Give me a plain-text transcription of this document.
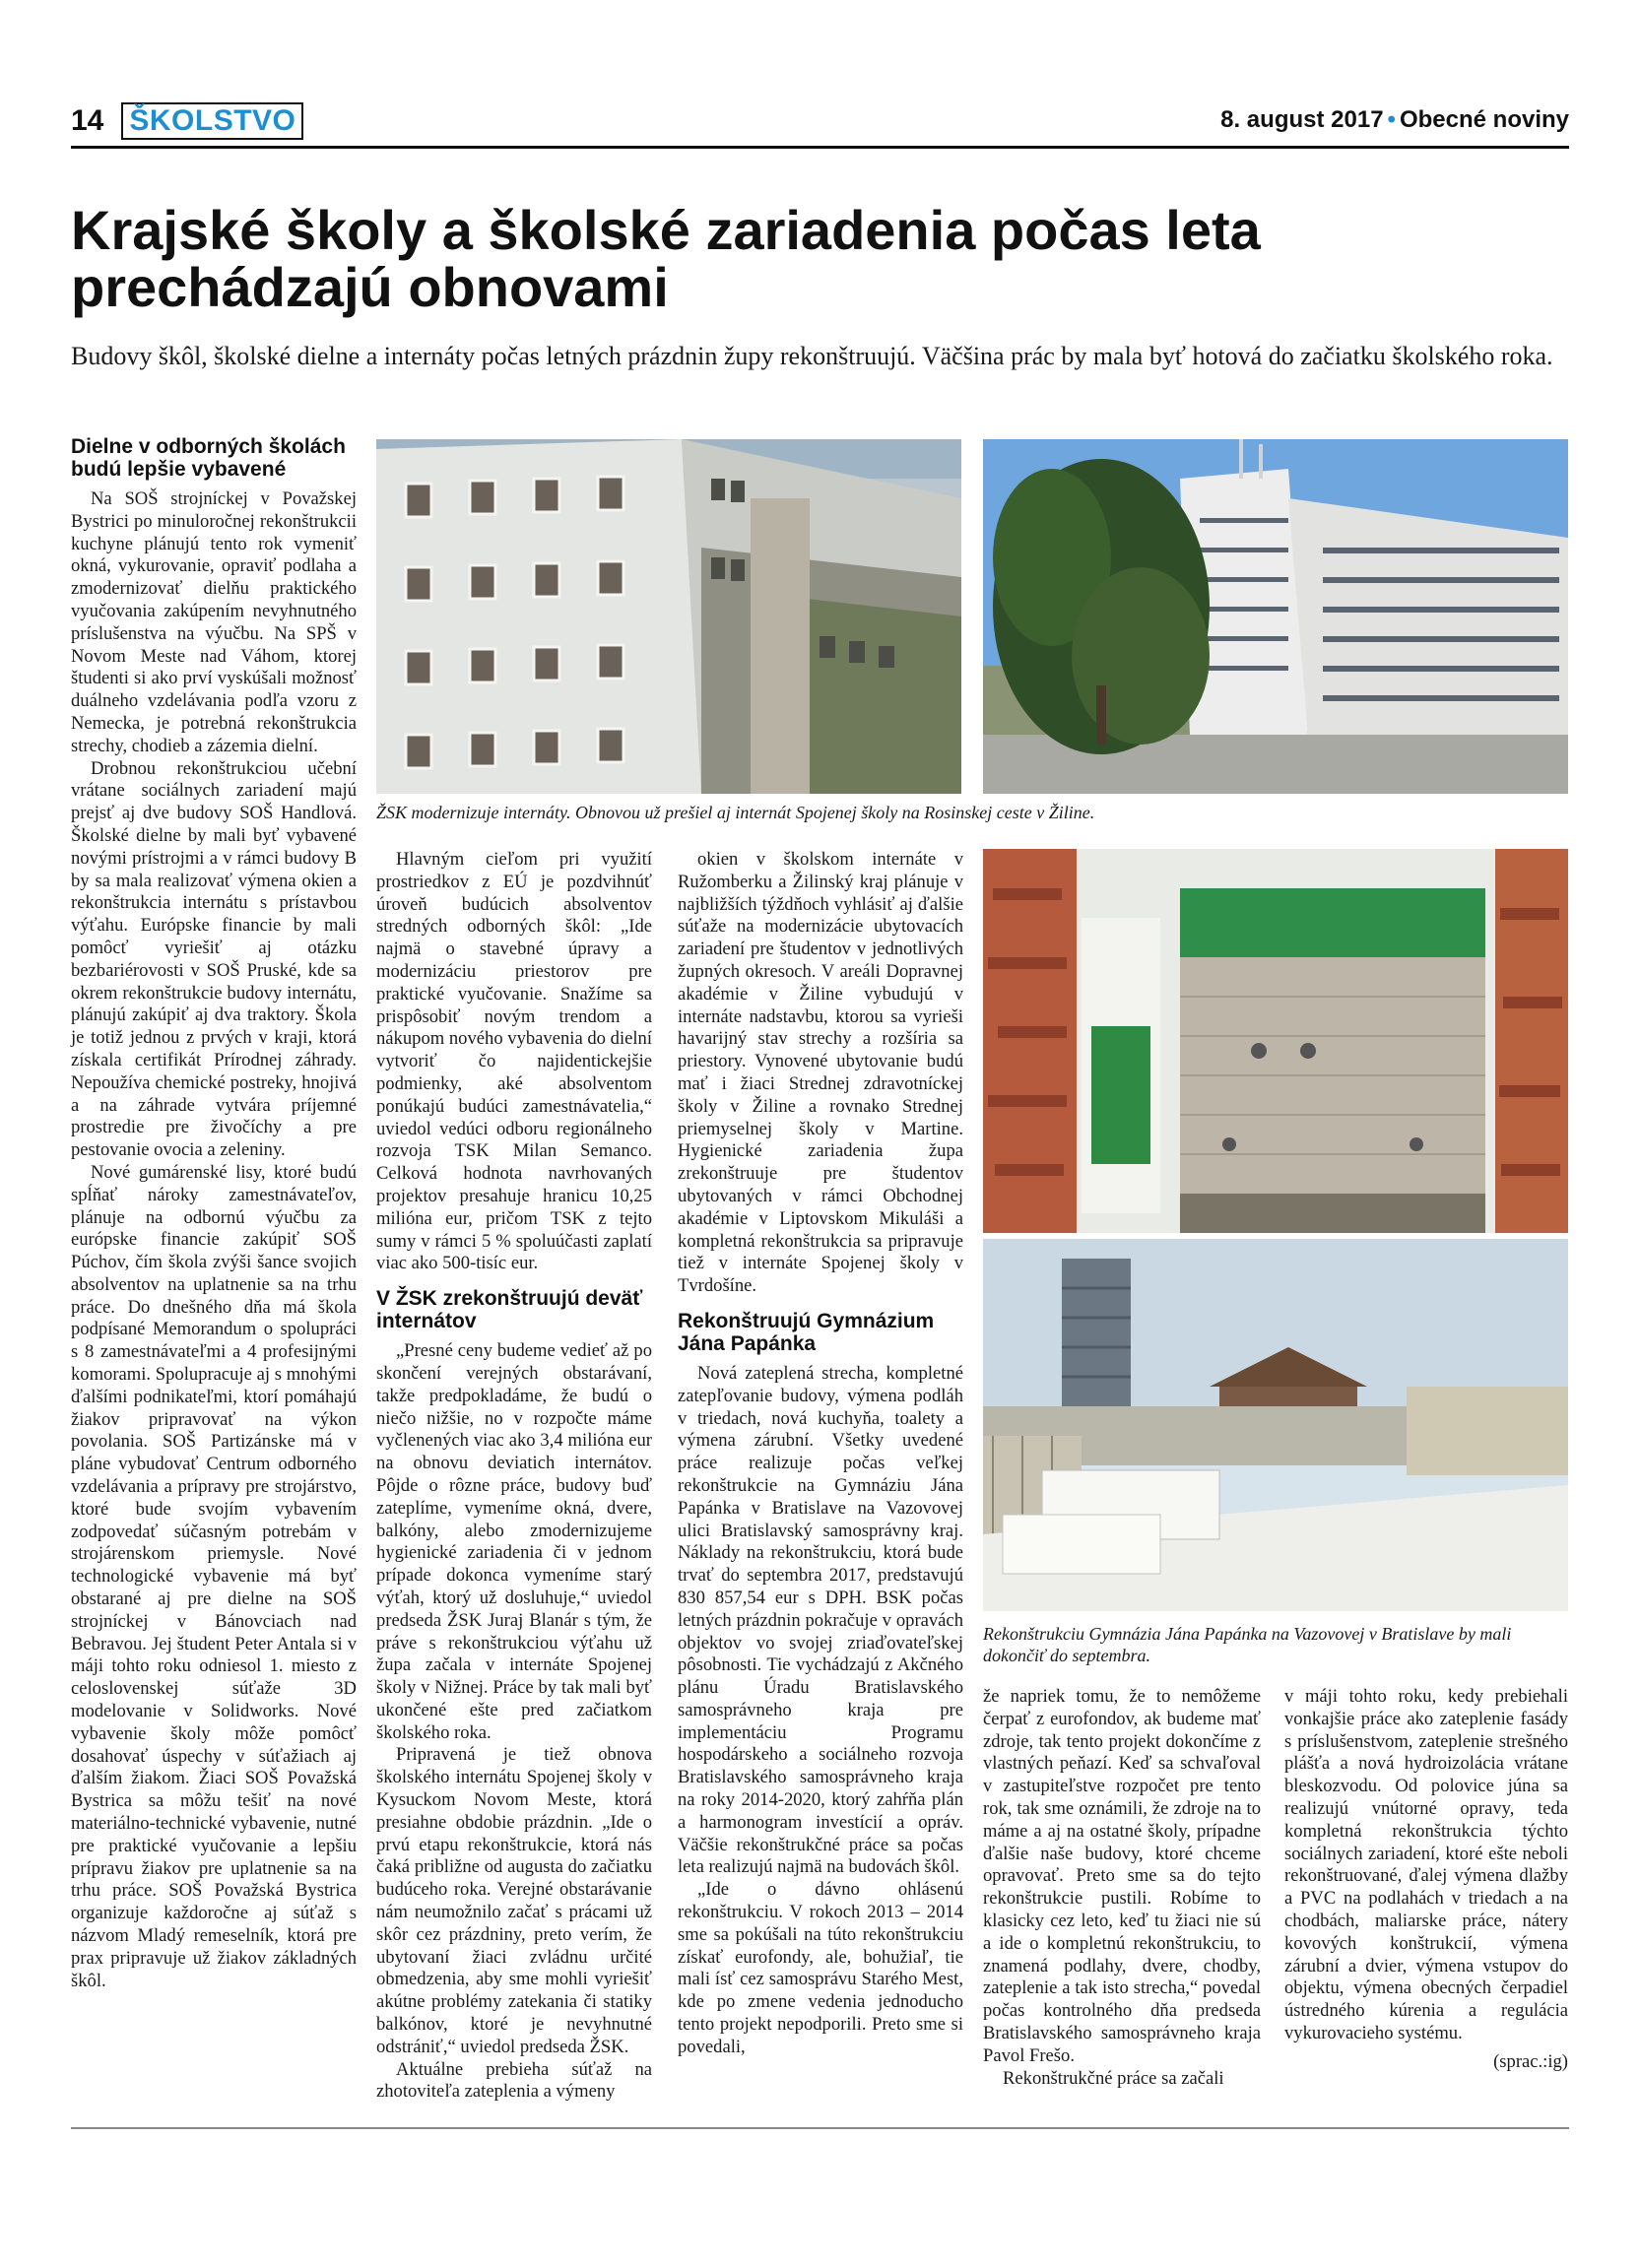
14 ŠKOLSTVO	8. august 2017 • Obecné noviny
Krajské školy a školské zariadenia počas leta prechádzajú obnovami

Budovy škôl, školské dielne a internáty počas letných prázdnin župy rekonštruujú. Väčšina prác by mala byť hotová do začiatku školského roka.

ŽSK modernizuje internáty. Obnovou už prešiel aj internát Spojenej školy na Rosinskej ceste v Žiline.

Rekonštrukciu Gymnázia Jána Papánka na Vazovovej v Bratislave by mali dokončiť do septembra.

Dielne v odborných školách budú lepšie vybavené

Na SOŠ strojníckej v Považskej Bystrici po minuloročnej rekonštrukcii kuchyne plánujú tento rok vymeniť okná, vykurovanie, opraviť podlaha a zmodernizovať dielňu praktického vyučovania zakúpením nevyhnutného príslušenstva na výučbu. Na SPŠ v Novom Meste nad Váhom, ktorej študenti si ako prví vyskúšali možnosť duálneho vzdelávania podľa vzoru z Nemecka, je potrebná rekonštrukcia strechy, chodieb a zázemia dielní.

Drobnou rekonštrukciou učební vrátane sociálnych zariadení majú prejsť aj dve budovy SOŠ Handlová. Školské dielne by mali byť vybavené novými prístrojmi a v rámci budovy B by sa mala realizovať výmena okien a rekonštrukcia internátu s prístavbou výťahu. Európske financie by mali pomôcť vyriešiť aj otázku bezbariérovosti v SOŠ Pruské, kde sa okrem rekonštrukcie budovy internátu, plánujú zakúpiť aj dva traktory. Škola je totiž jednou z prvých v kraji, ktorá získala certifikát Prírodnej záhrady. Nepoužíva chemické postreky, hnojivá a na záhrade vytvára príjemné prostredie pre živočíchy a pre pestovanie ovocia a zeleniny.

Nové gumárenské lisy, ktoré budú spĺňať nároky zamestnávateľov, plánuje na odbornú výučbu za európske financie zakúpiť SOŠ Púchov, čím škola zvýši šance svojich absolventov na uplatnenie sa na trhu práce. Do dnešného dňa má škola podpísané Memorandum o spolupráci s 8 zamestnávateľmi a 4 profesijnými komorami. Spolupracuje aj s mnohými ďalšími podnikateľmi, ktorí pomáhajú žiakov pripravovať na výkon povolania. SOŠ Partizánske má v pláne vybudovať Centrum odborného vzdelávania a prípravy pre strojárstvo, ktoré bude svojím vybavením zodpovedať súčasným potrebám v strojárenskom priemysle. Nové technologické vybavenie má byť obstarané aj pre dielne na SOŠ strojníckej v Bánovciach nad Bebravou. Jej študent Peter Antala si v máji tohto roku odniesol 1. miesto z celoslovenskej súťaže 3D modelovanie v Solidworks. Nové vybavenie školy môže pomôcť dosahovať úspechy v súťažiach aj ďalším žiakom. Žiaci SOŠ Považská Bystrica sa môžu tešiť na nové materiálno-technické vybavenie, nutné pre praktické vyučovanie a lepšiu prípravu žiakov pre uplatnenie sa na trhu práce. SOŠ Považská Bystrica organizuje každoročne aj súťaž s názvom Mladý remeselník, ktorá pre prax pripravuje už žiakov základných škôl.

Hlavným cieľom pri využití prostriedkov z EÚ je pozdvihnúť úroveň budúcich absolventov stredných odborných škôl: „Ide najmä o stavebné úpravy a modernizáciu priestorov pre praktické vyučovanie. Snažíme sa prispôsobiť novým trendom a nákupom nového vybavenia do dielní vytvoriť čo najidentickejšie podmienky, aké absolventom ponúkajú budúci zamestnávatelia,“ uviedol vedúci odboru regionálneho rozvoja TSK Milan Semanco. Celková hodnota navrhovaných projektov presahuje hranicu 10,25 milióna eur, pričom TSK z tejto sumy v rámci 5 % spoluúčasti zaplatí viac ako 500-tisíc eur.

V ŽSK zrekonštruujú deväť internátov

„Presné ceny budeme vedieť až po skončení verejných obstarávaní, takže predpokladáme, že budú o niečo nižšie, no v rozpočte máme vyčlenených viac ako 3,4 milióna eur na obnovu deviatich internátov. Pôjde o rôzne práce, budovy buď zateplíme, vymeníme okná, dvere, balkóny, alebo zmodernizujeme hygienické zariadenia či v jednom prípade dokonca vymeníme starý výťah, ktorý už dosluhuje,“ uviedol predseda ŽSK Juraj Blanár s tým, že práve s rekonštrukciou výťahu už župa začala v internáte Spojenej školy v Nižnej. Práce by tak mali byť ukončené ešte pred začiatkom školského roka.

Pripravená je tiež obnova školského internátu Spojenej školy v Kysuckom Novom Meste, ktorá presiahne obdobie prázdnin. „Ide o prvú etapu rekonštrukcie, ktorá nás čaká približne od augusta do začiatku budúceho roka. Verejné obstarávanie nám neumožnilo začať s prácami už skôr cez prázdniny, preto verím, že ubytovaní žiaci zvládnu určité obmedzenia, aby sme mohli vyriešiť akútne problémy zatekania či statiky balkónov, ktoré je nevyhnutné odstrániť,“ uviedol predseda ŽSK.

Aktuálne prebieha súťaž na zhotoviteľa zateplenia a výmeny

okien v školskom internáte v Ružomberku a Žilinský kraj plánuje v najbližších týždňoch vyhlásiť aj ďalšie súťaže na modernizácie ubytovacích zariadení pre študentov v jednotlivých župných okresoch. V areáli Dopravnej akadémie v Žiline vybudujú v internáte nadstavbu, ktorou sa vyrieši havarijný stav strechy a rozšíria sa priestory. Vynovené ubytovanie budú mať i žiaci Strednej zdravotníckej školy v Žiline a rovnako Strednej priemyselnej školy v Martine. Hygienické zariadenia župa zrekonštruuje pre študentov ubytovaných v rámci Obchodnej akadémie v Liptovskom Mikuláši a kompletná rekonštrukcia sa pripravuje tiež v internáte Spojenej školy v Tvrdošíne.

Rekonštruujú Gymnázium Jána Papánka

Nová zateplená strecha, kompletné zatepľovanie budovy, výmena podláh v triedach, nová kuchyňa, toalety a výmena zárubní. Všetky uvedené práce realizuje počas veľkej rekonštrukcie na Gymnáziu Jána Papánka v Bratislave na Vazovovej ulici Bratislavský samosprávny kraj. Náklady na rekonštrukciu, ktorá bude trvať do septembra 2017, predstavujú 830 857,54 eur s DPH. BSK počas letných prázdnin pokračuje v opravách objektov vo svojej zriaďovateľskej pôsobnosti. Tie vychádzajú z Akčného plánu Úradu Bratislavského samosprávneho kraja pre implementáciu Programu hospodárskeho a sociálneho rozvoja Bratislavského samosprávneho kraja na roky 2014-2020, ktorý zahŕňa plán a harmonogram investícií a opráv. Väčšie rekonštrukčné práce sa počas leta realizujú najmä na budovách škôl.

„Ide o dávno ohlásenú rekonštrukciu. V rokoch 2013 – 2014 sme sa pokúšali na túto rekonštrukciu získať eurofondy, ale, bohužiaľ, tie mali ísť cez samosprávu Starého Mest, kde po zmene vedenia jednoducho tento projekt nepodporili. Preto sme si povedali,

že napriek tomu, že to nemôžeme čerpať z eurofondov, ak budeme mať zdroje, tak tento projekt dokončíme z vlastných peňazí. Keď sa schvaľoval v zastupiteľstve rozpočet pre tento rok, tak sme oznámili, že zdroje na to máme a aj na ostatné školy, prípadne ďalšie naše budovy, ktoré chceme opravovať. Preto sme sa do tejto rekonštrukcie pustili. Robíme to klasicky cez leto, keď tu žiaci nie sú a ide o kompletnú rekonštrukciu, to znamená podlahy, dvere, chodby, zateplenie a tak isto strecha,“ povedal počas kontrolného dňa predseda Bratislavského samosprávneho kraja Pavol Frešo.

Rekonštrukčné práce sa začali

v máji tohto roku, kedy prebiehali vonkajšie práce ako zateplenie fasády s príslušenstvom, zateplenie strešného plášťa a nová hydroizolácia vrátane bleskozvodu. Od polovice júna sa realizujú vnútorné opravy, teda kompletná rekonštrukcia týchto sociálnych zariadení, ktoré ešte neboli rekonštruované, ďalej výmena dlažby a PVC na podlahách v triedach a na chodbách, maliarske práce, nátery kovových konštrukcií, výmena zárubní a dvier, výmena vstupov do objektu, výmena obecných čerpadiel ústredného kúrenia a regulácia vykurovacieho systému.

(sprac.:ig)
